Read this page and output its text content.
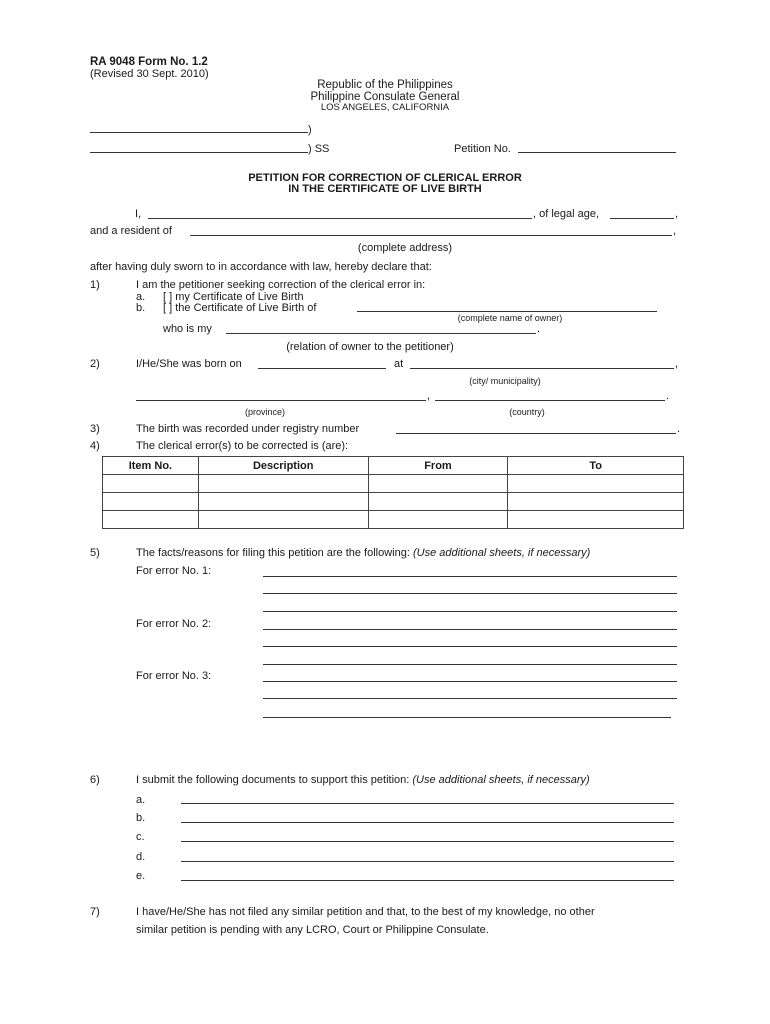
RA 9048 Form No. 1.2
(Revised 30 Sept. 2010)
Republic of the Philippines
Philippine Consulate General
LOS ANGELES, CALIFORNIA
)
) SS	Petition No.
PETITION FOR CORRECTION OF CLERICAL ERROR
IN THE CERTIFICATE OF LIVE BIRTH
I,	, of legal age,	,
and a resident of	,
(complete address)
after having duly sworn to in accordance with law, hereby declare that:
1)	I am the petitioner seeking correction of the clerical error in:
a. [ ] my Certificate of Live Birth
b. [ ] the Certificate of Live Birth of
(complete name of owner)
who is my	.
(relation of owner to the petitioner)
2)	I/He/She was born on	at	,
(city/ municipality)
,	.
(province)	(country)
3)	The birth was recorded under registry number	.
4)	The clerical error(s) to be corrected is (are):
Item No.	Description	From	To

5)	The facts/reasons for filing this petition are the following: (Use additional sheets, if necessary)
For error No. 1:
For error No. 2:
For error No. 3:
6)	I submit the following documents to support this petition: (Use additional sheets, if necessary)
a.
b.
c.
d.
e.
7)	I have/He/She has not filed any similar petition and that, to the best of my knowledge, no other
similar petition is pending with any LCRO, Court or Philippine Consulate.
